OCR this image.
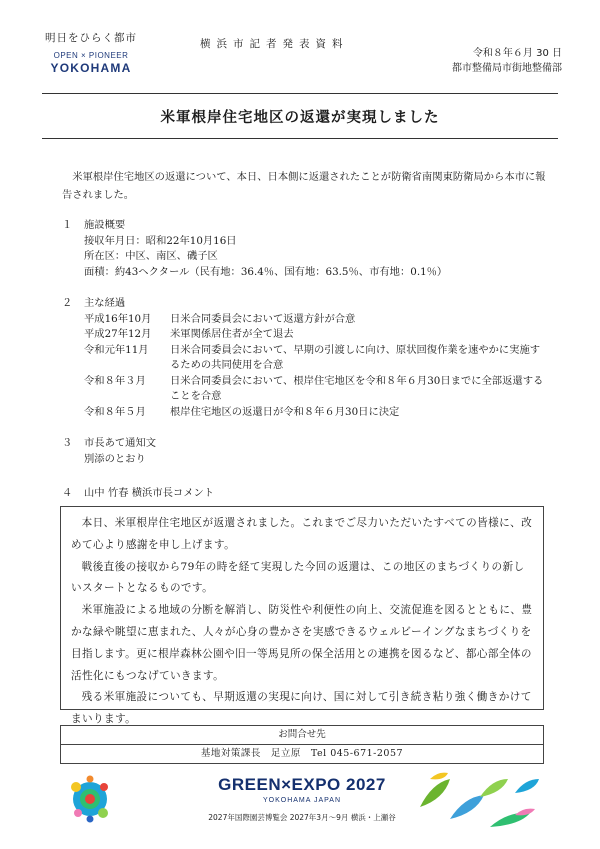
明日をひらく都市
OPEN × PIONEER
YOKOHAMA
横浜市記者発表資料
令和８年６月 30 日
都市整備局市街地整備部
米軍根岸住宅地区の返還が実現しました
米軍根岸住宅地区の返還について、本日、日本側に返還されたことが防衛省南関東防衛局から本市に報告されました。
１ 施設概要
接収年月日： 昭和22年10月16日
所在区： 中区、南区、磯子区
面積： 約43ヘクタール（民有地：36.4％、国有地：63.5％、市有地：0.1％）
２ 主な経過
平成16年10月	日米合同委員会において返還方針が合意
平成27年12月	米軍関係居住者が全て退去
令和元年11月	日米合同委員会において、早期の引渡しに向け、原状回復作業を速やかに実施するための共同使用を合意
令和８年３月	日米合同委員会において、根岸住宅地区を令和８年６月30日までに全部返還することを合意
令和８年５月	根岸住宅地区の返還日が令和８年６月30日に決定
３ 市長あて通知文
別添のとおり
４ 山中 竹春 横浜市長コメント

本日、米軍根岸住宅地区が返還されました。これまでご尽力いただいたすべての皆様に、改めて心より感謝を申し上げます。

戦後直後の接収から79年の時を経て実現した今回の返還は、この地区のまちづくりの新しいスタートとなるものです。

米軍施設による地域の分断を解消し、防災性や利便性の向上、交流促進を図るとともに、豊かな緑や眺望に恵まれた、人々が心身の豊かさを実感できるウェルビーイングなまちづくりを目指します。更に根岸森林公園や旧一等馬見所の保全活用との連携を図るなど、都心部全体の活性化にもつなげていきます。

残る米軍施設についても、早期返還の実現に向け、国に対して引き続き粘り強く働きかけてまいります。

お問合せ先
基地対策課長　足立原　Tel 045-671-2057
GREEN×EXPO 2027
YOKOHAMA JAPAN
2027年国際園芸博覧会 2027年3月〜9月 横浜・上瀬谷
